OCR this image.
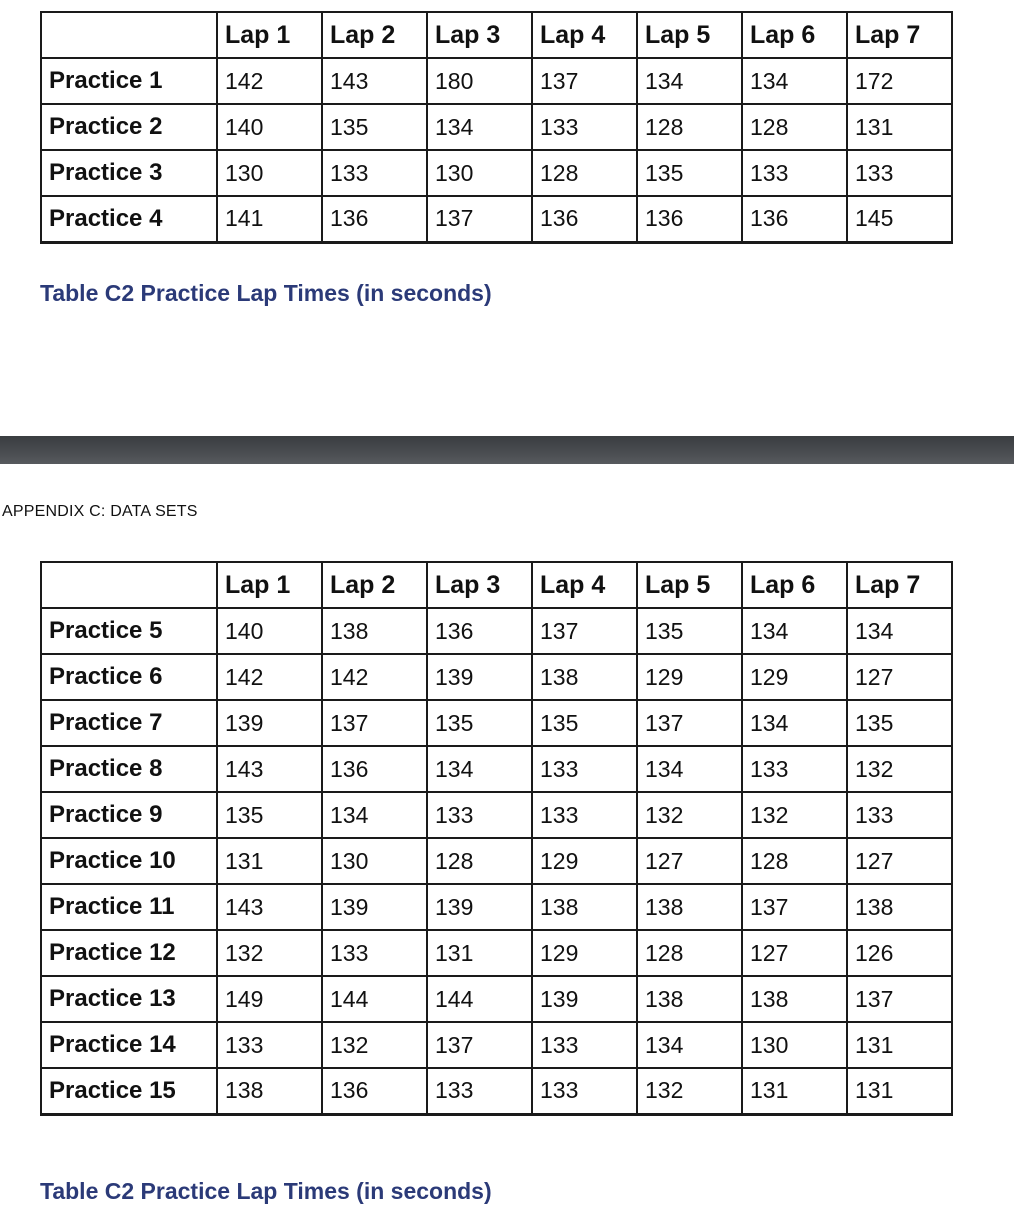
	Lap 1	Lap 2	Lap 3	Lap 4	Lap 5	Lap 6	Lap 7
Practice 1	142	143	180	137	134	134	172
Practice 2	140	135	134	133	128	128	131
Practice 3	130	133	130	128	135	133	133
Practice 4	141	136	137	136	136	136	145

Table C2 Practice Lap Times (in seconds)

APPENDIX C: DATA SETS
	Lap 1	Lap 2	Lap 3	Lap 4	Lap 5	Lap 6	Lap 7
Practice 5	140	138	136	137	135	134	134
Practice 6	142	142	139	138	129	129	127
Practice 7	139	137	135	135	137	134	135
Practice 8	143	136	134	133	134	133	132
Practice 9	135	134	133	133	132	132	133
Practice 10	131	130	128	129	127	128	127
Practice 11	143	139	139	138	138	137	138
Practice 12	132	133	131	129	128	127	126
Practice 13	149	144	144	139	138	138	137
Practice 14	133	132	137	133	134	130	131
Practice 15	138	136	133	133	132	131	131

Table C2 Practice Lap Times (in seconds)
